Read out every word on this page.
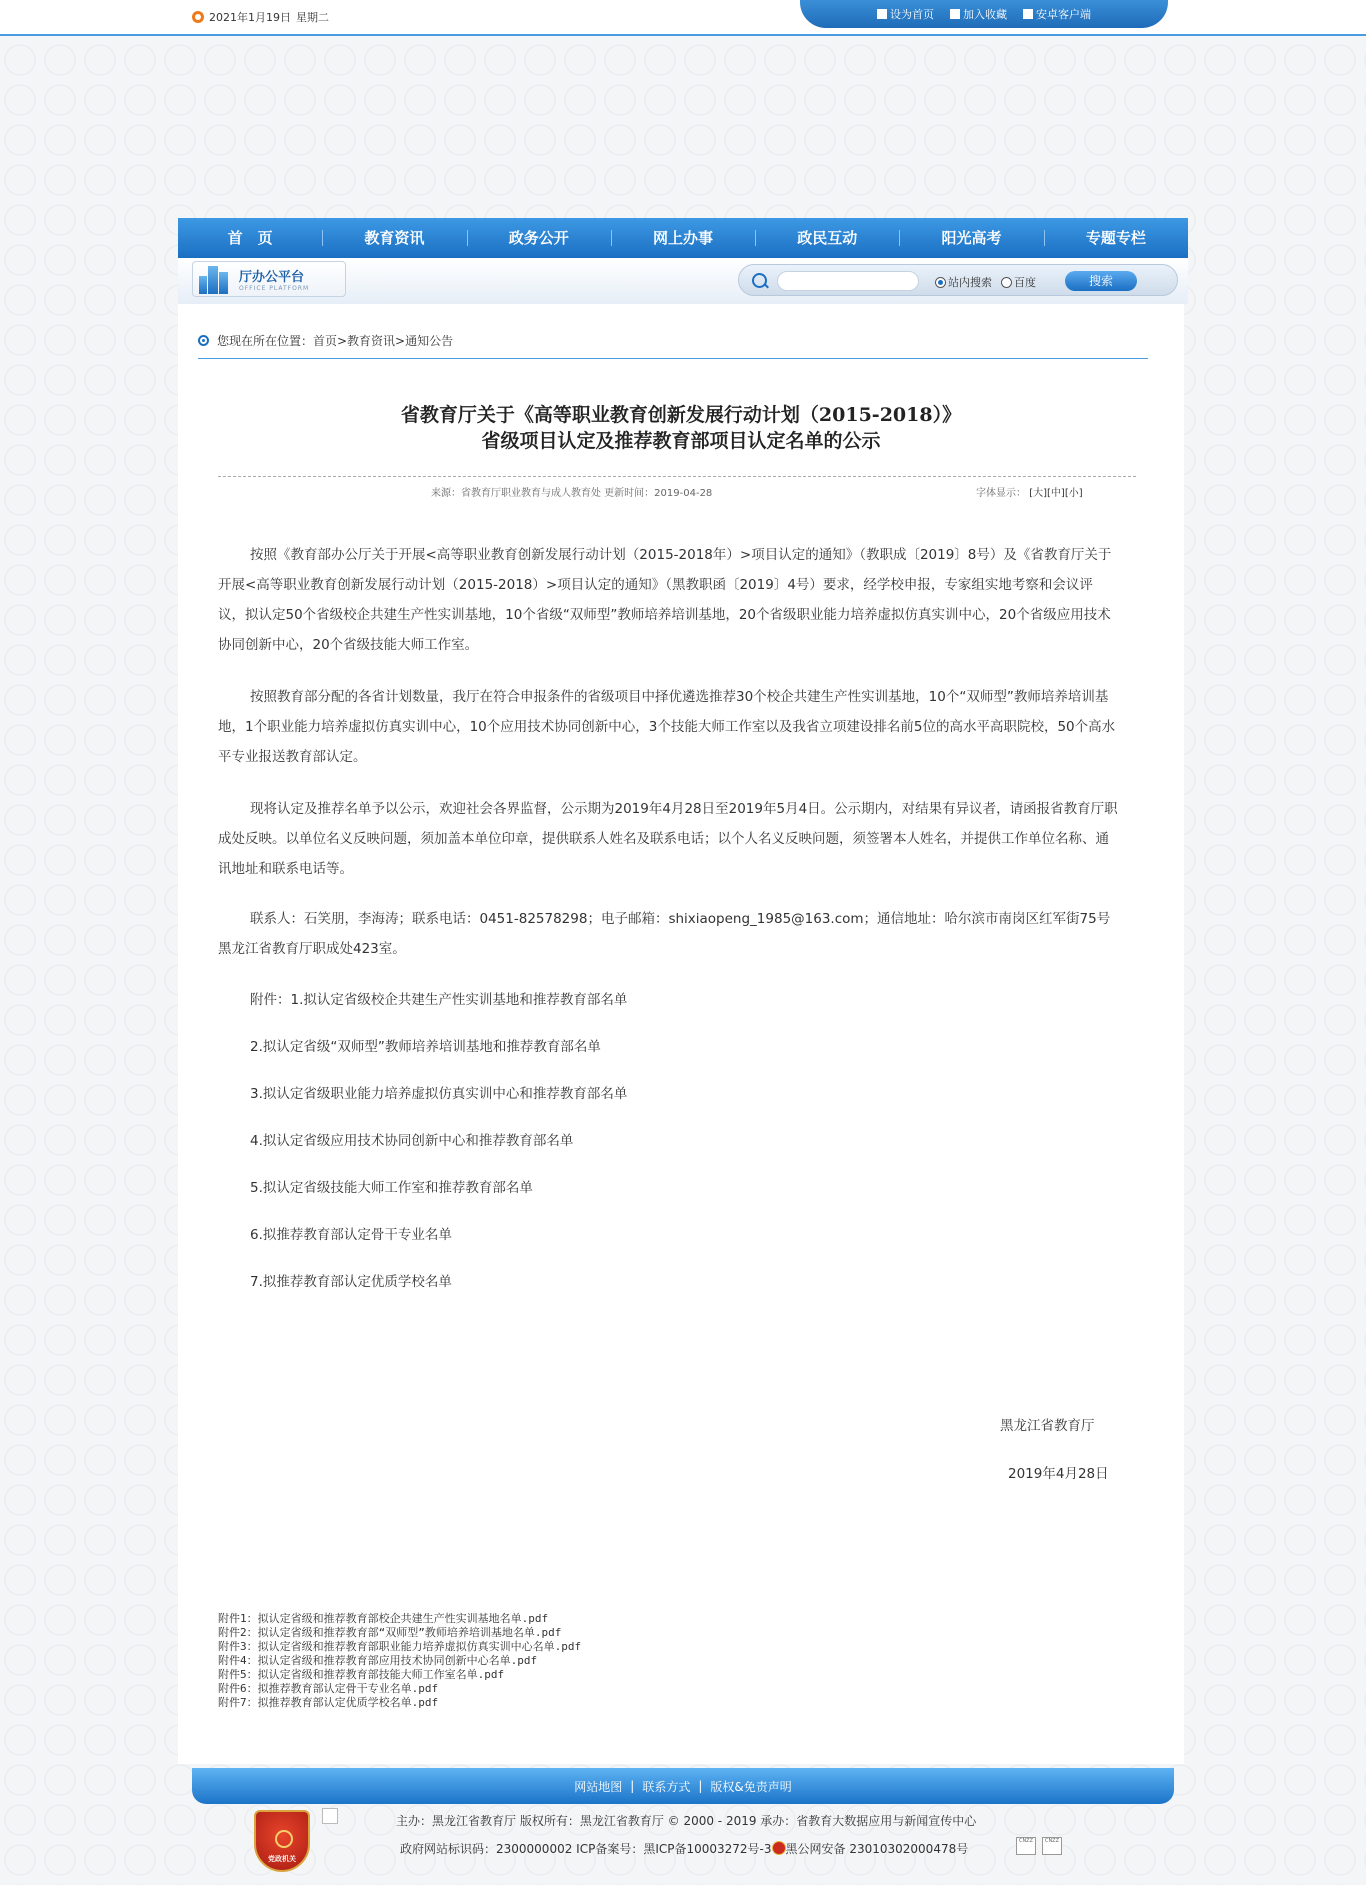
2021年1月19日 星期二	设为首页	加入收藏	安卓客户端
首　页	教育资讯	政务公开	网上办事	政民互动	阳光高考	专题专栏
厅办公平台
OFFICE PLATFORM	站内搜索 百度	搜索
您现在所在位置：首页>教育资讯>通知公告
省教育厅关于《高等职业教育创新发展行动计划（2015-2018）》
省级项目认定及推荐教育部项目认定名单的公示
来源：省教育厅职业教育与成人教育处 更新时间：2019-04-28	字体显示： [大][中][小]
按照《教育部办公厅关于开展<高等职业教育创新发展行动计划（2015-2018年）>项目认定的通知》（教职成〔2019〕8号）及《省教育厅关于开展<高等职业教育创新发展行动计划（2015-2018）>项目认定的通知》（黑教职函〔2019〕4号）要求，经学校申报，专家组实地考察和会议评议，拟认定50个省级校企共建生产性实训基地，10个省级“双师型”教师培养培训基地，20个省级职业能力培养虚拟仿真实训中心，20个省级应用技术协同创新中心，20个省级技能大师工作室。
按照教育部分配的各省计划数量，我厅在符合申报条件的省级项目中择优遴选推荐30个校企共建生产性实训基地，10个“双师型”教师培养培训基地，1个职业能力培养虚拟仿真实训中心，10个应用技术协同创新中心，3个技能大师工作室以及我省立项建设排名前5位的高水平高职院校，50个高水平专业报送教育部认定。
现将认定及推荐名单予以公示，欢迎社会各界监督，公示期为2019年4月28日至2019年5月4日。公示期内，对结果有异议者，请函报省教育厅职成处反映。以单位名义反映问题，须加盖本单位印章，提供联系人姓名及联系电话；以个人名义反映问题，须签署本人姓名，并提供工作单位名称、通讯地址和联系电话等。
联系人：石笑朋，李海涛；联系电话：0451-82578298；电子邮箱：shixiaopeng_1985@163.com；通信地址：哈尔滨市南岗区红军街75号黑龙江省教育厅职成处423室。
附件：1.拟认定省级校企共建生产性实训基地和推荐教育部名单
2.拟认定省级“双师型”教师培养培训基地和推荐教育部名单
3.拟认定省级职业能力培养虚拟仿真实训中心和推荐教育部名单
4.拟认定省级应用技术协同创新中心和推荐教育部名单
5.拟认定省级技能大师工作室和推荐教育部名单
6.拟推荐教育部认定骨干专业名单
7.拟推荐教育部认定优质学校名单
黑龙江省教育厅
2019年4月28日
附件1：拟认定省级和推荐教育部校企共建生产性实训基地名单.pdf
附件2：拟认定省级和推荐教育部“双师型”教师培养培训基地名单.pdf
附件3：拟认定省级和推荐教育部职业能力培养虚拟仿真实训中心名单.pdf
附件4：拟认定省级和推荐教育部应用技术协同创新中心名单.pdf
附件5：拟认定省级和推荐教育部技能大师工作室名单.pdf
附件6：拟推荐教育部认定骨干专业名单.pdf
附件7：拟推荐教育部认定优质学校名单.pdf
网站地图 | 联系方式 | 版权&免责声明
党政机关
主办：黑龙江省教育厅 版权所有：黑龙江省教育厅 © 2000 - 2019 承办：省教育大数据应用与新闻宣传中心
政府网站标识码：2300000002 ICP备案号：黑ICP备10003272号-3 黑公网安备 23010302000478号
CNZZ	CNZZ
